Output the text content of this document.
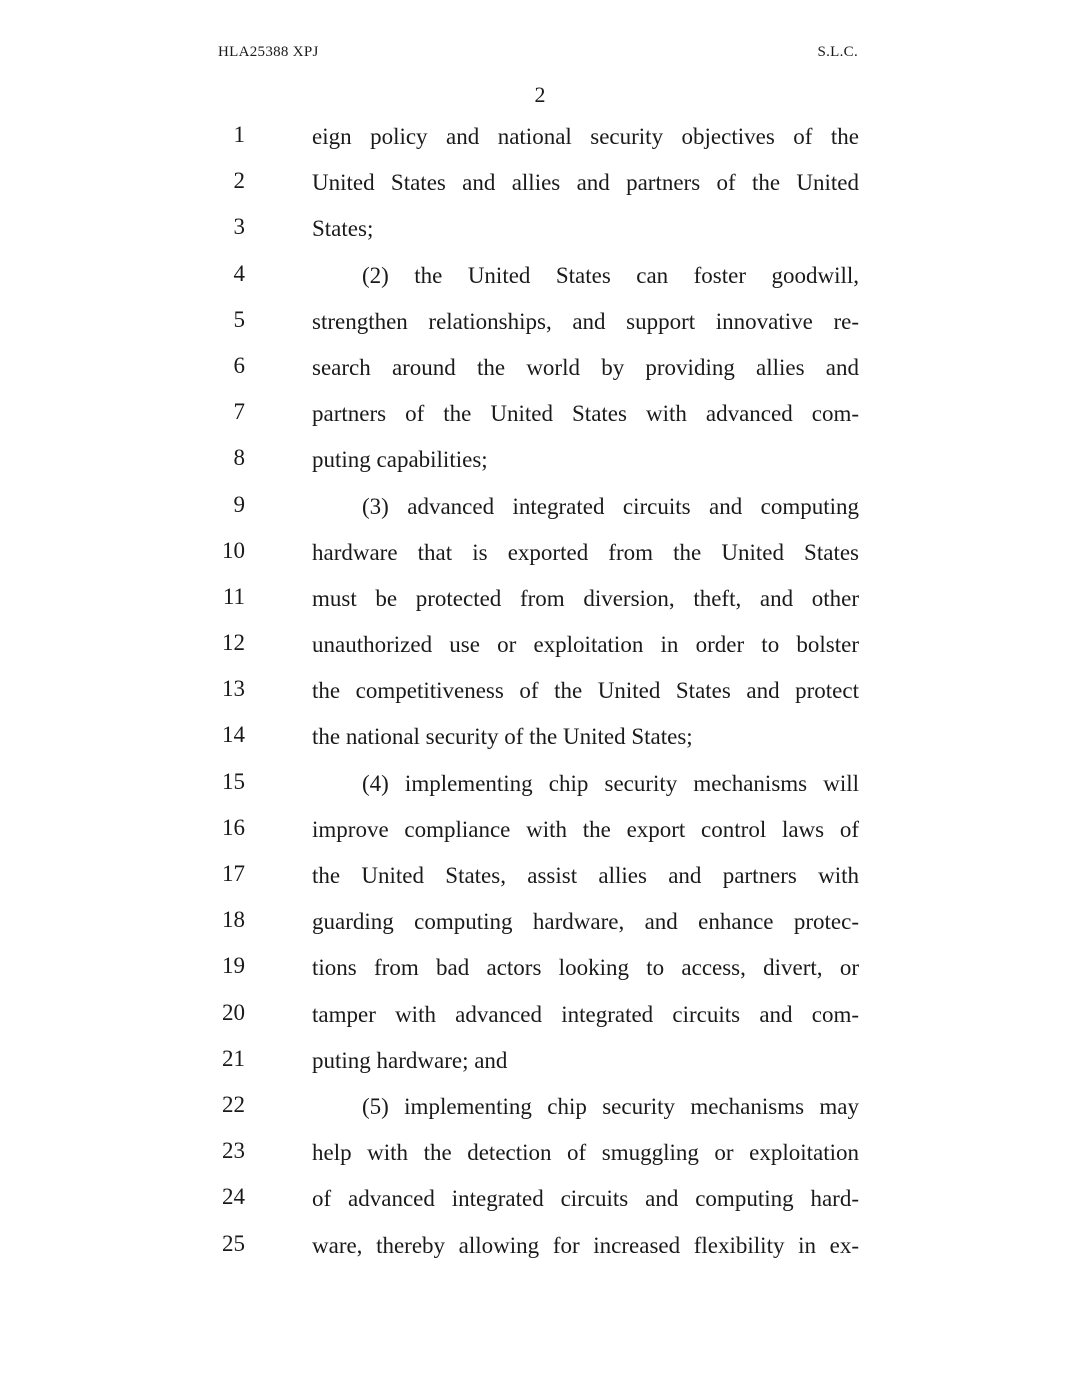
HLA25388 XPJ	S.L.C.
2
1	eign policy and national security objectives of the
2	United States and allies and partners of the United
3	States;
4	(2) the United States can foster goodwill,
5	strengthen relationships, and support innovative re-
6	search around the world by providing allies and
7	partners of the United States with advanced com-
8	puting capabilities;
9	(3) advanced integrated circuits and computing
10	hardware that is exported from the United States
11	must be protected from diversion, theft, and other
12	unauthorized use or exploitation in order to bolster
13	the competitiveness of the United States and protect
14	the national security of the United States;
15	(4) implementing chip security mechanisms will
16	improve compliance with the export control laws of
17	the United States, assist allies and partners with
18	guarding computing hardware, and enhance protec-
19	tions from bad actors looking to access, divert, or
20	tamper with advanced integrated circuits and com-
21	puting hardware; and
22	(5) implementing chip security mechanisms may
23	help with the detection of smuggling or exploitation
24	of advanced integrated circuits and computing hard-
25	ware, thereby allowing for increased flexibility in ex-
